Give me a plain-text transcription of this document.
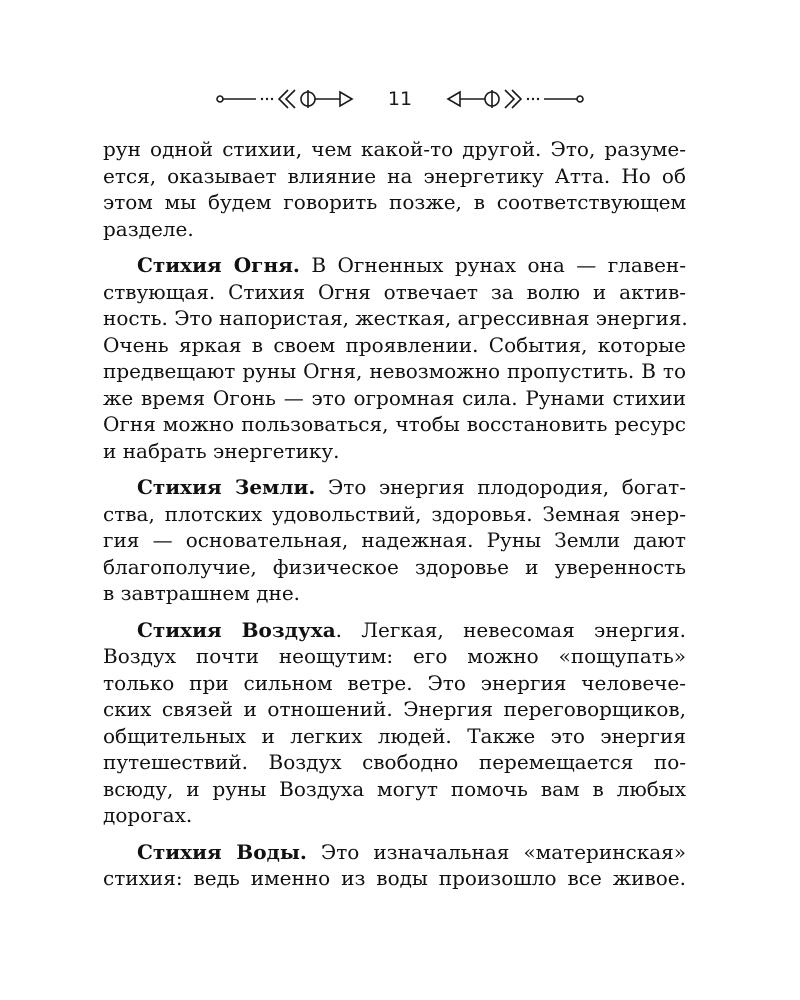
11
рун одной стихии, чем какой-то другой. Это, разуме-
ется, оказывает влияние на энергетику Атта. Но об
этом мы будем говорить позже, в соответствующем
разделе.
Стихия Огня. В Огненных рунах она — главен-
ствующая. Стихия Огня отвечает за волю и актив-
ность. Это напористая, жесткая, агрессивная энергия.
Очень яркая в своем проявлении. События, которые
предвещают руны Огня, невозможно пропустить. В то
же время Огонь — это огромная сила. Рунами стихии
Огня можно пользоваться, чтобы восстановить ресурс
и набрать энергетику.
Стихия Земли. Это энергия плодородия, богат-
ства, плотских удовольствий, здоровья. Земная энер-
гия — основательная, надежная. Руны Земли дают
благополучие, физическое здоровье и уверенность
в завтрашнем дне.
Стихия Воздуха. Легкая, невесомая энергия.
Воздух почти неощутим: его можно «пощупать»
только при сильном ветре. Это энергия человече-
ских связей и отношений. Энергия переговорщиков,
общительных и легких людей. Также это энергия
путешествий. Воздух свободно перемещается по-
всюду, и руны Воздуха могут помочь вам в любых
дорогах.
Стихия Воды. Это изначальная «материнская»
стихия: ведь именно из воды произошло все живое.
